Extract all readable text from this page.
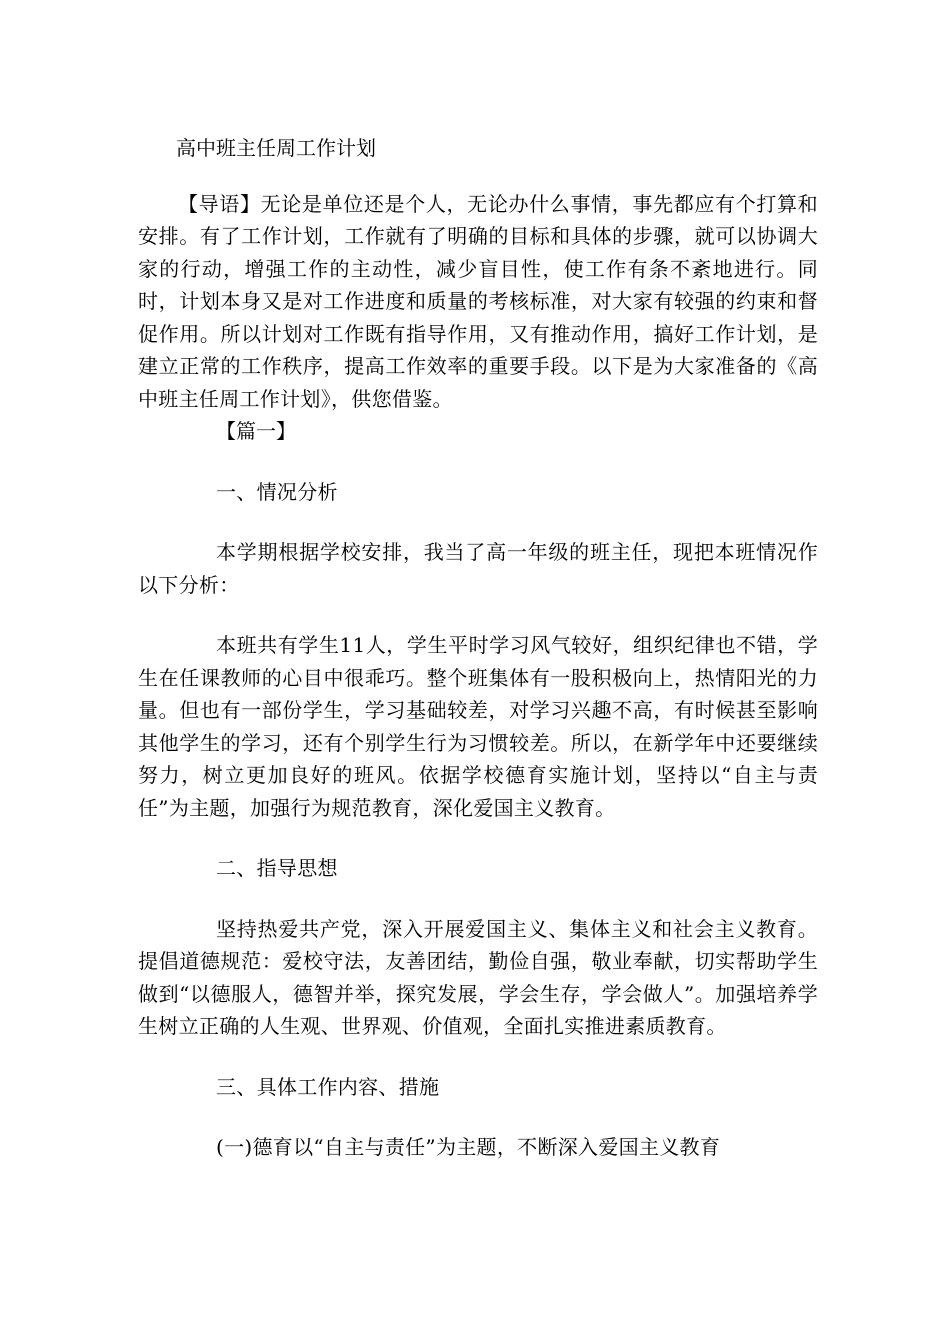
高中班主任周工作计划

【导语】无论是单位还是个人，无论办什么事情，事先都应有个打算和安排。有了工作计划，工作就有了明确的目标和具体的步骤，就可以协调大家的行动，增强工作的主动性，减少盲目性，使工作有条不紊地进行。同时，计划本身又是对工作进度和质量的考核标准，对大家有较强的约束和督促作用。所以计划对工作既有指导作用，又有推动作用，搞好工作计划，是建立正常的工作秩序，提高工作效率的重要手段。以下是为大家准备的《高中班主任周工作计划》，供您借鉴。

【篇一】

一、情况分析

本学期根据学校安排，我当了高一年级的班主任，现把本班情况作以下分析：

本班共有学生11人，学生平时学习风气较好，组织纪律也不错，学生在任课教师的心目中很乖巧。整个班集体有一股积极向上，热情阳光的力量。但也有一部份学生，学习基础较差，对学习兴趣不高，有时候甚至影响其他学生的学习，还有个别学生行为习惯较差。所以，在新学年中还要继续努力，树立更加良好的班风。依据学校德育实施计划，坚持以“自主与责任”为主题，加强行为规范教育，深化爱国主义教育。

二、指导思想

坚持热爱共产党，深入开展爱国主义、集体主义和社会主义教育。提倡道德规范：爱校守法，友善团结，勤俭自强，敬业奉献，切实帮助学生做到“以德服人，德智并举，探究发展，学会生存，学会做人”。加强培养学生树立正确的人生观、世界观、价值观，全面扎实推进素质教育。

三、具体工作内容、措施

(一)德育以“自主与责任”为主题，不断深入爱国主义教育
